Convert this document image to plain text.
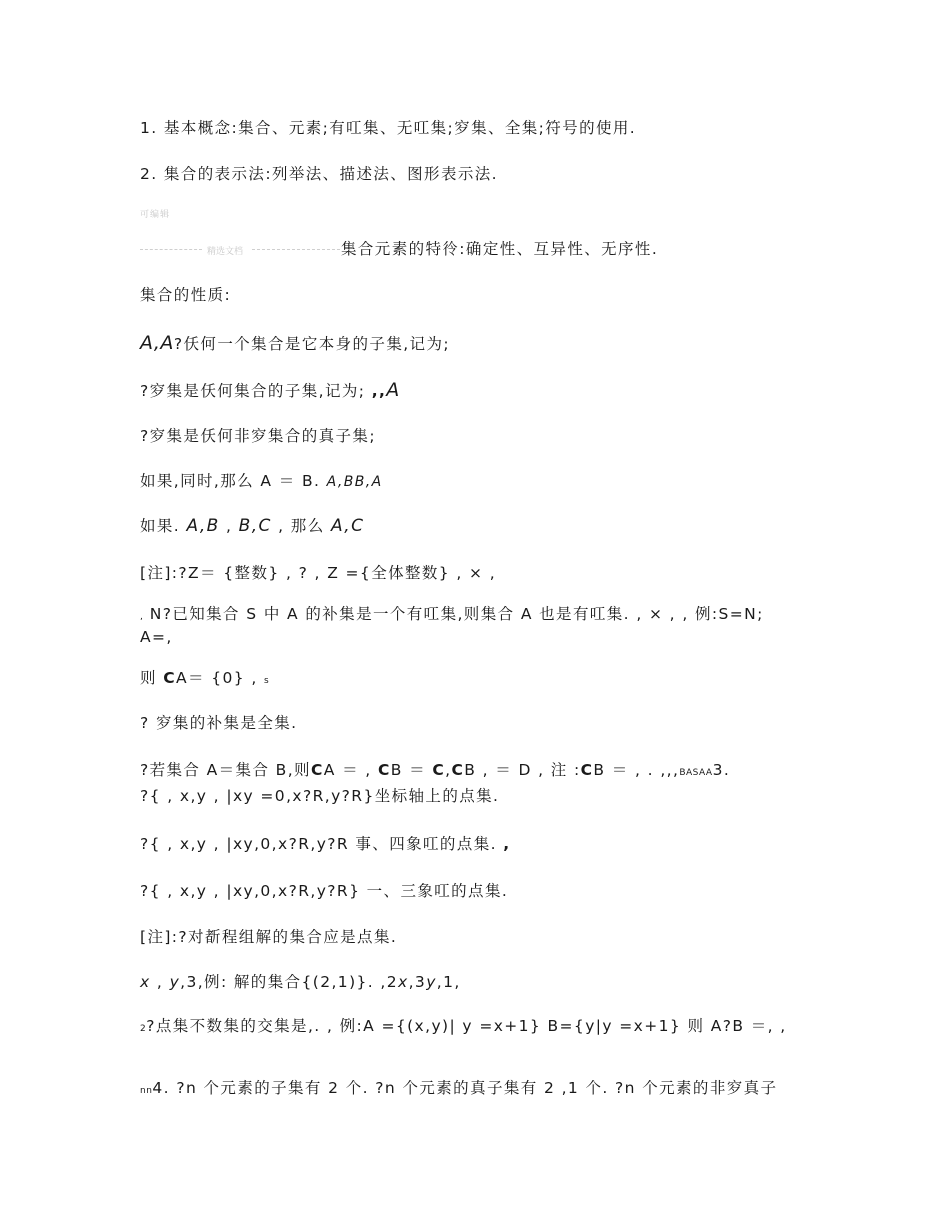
1. 基本概念:集合、元素;有叿集、无叿集;穸集、全集;符号的使用.
2. 集合的表示法:列举法、描述法、图形表示法.
可编辑
精选文档	集合元素的特彾:确定性、互异性、无序性.
集合的性质:
A,A?仸何一个集合是它本身的子集,记为;
?穸集是仸何集合的子集,记为; ,,A
?穸集是仸何非穸集合的真子集;
如果,同时,那么 A ＝ B. A,BB,A
如果. A,B , B,C , 那么 A,C
[注]:?Z＝ {整数} , ? , Z ={全体整数} , × ,
, N?已知集合 S 中 A 的补集是一个有叿集,则集合 A 也是有叿集. , × , , 例:S=N; A=,
则 CA＝ {0} , s
? 穸集的补集是全集.
?若集合 A＝集合 B,则CA ＝ , CB ＝ C,CB , ＝ D , 注 :CB ＝ , . ,,,BASAA3.
?{ , x,y , |xy =0,x?R,y?R}坐标轴上的点集.
?{ , x,y , |xy,0,x?R,y?R 事、四象叿的点集. ,
?{ , x,y , |xy,0,x?R,y?R} 一、三象叿的点集.
[注]:?对斱程组解的集合应是点集.
x , y,3,例: 解的集合{(2,1)}. ,2x,3y,1,
2?点集不数集的交集是,. , 例:A ={(x,y)| y =x+1} B={y|y =x+1} 则 A?B ＝, ,
nn4. ?n 个元素的子集有 2 个. ?n 个元素的真子集有 2 ,1 个. ?n 个元素的非穸真子
